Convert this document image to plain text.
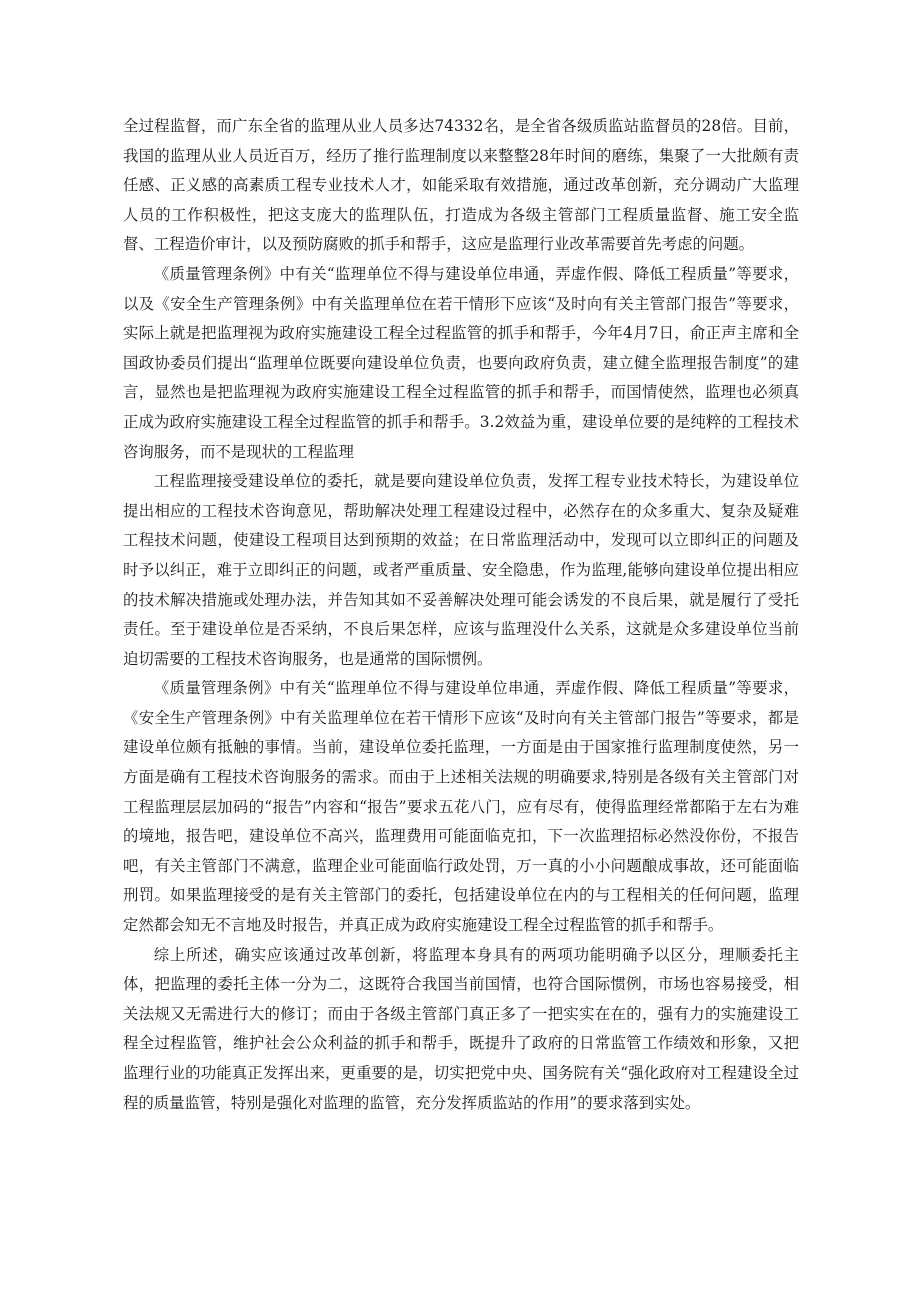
全过程监督，而广东全省的监理从业人员多达74332名，是全省各级质监站监督员的28倍。目前，我国的监理从业人员近百万，经历了推行监理制度以来整整28年时间的磨练，集聚了一大批颇有责任感、正义感的高素质工程专业技术人才，如能采取有效措施，通过改革创新，充分调动广大监理人员的工作积极性，把这支庞大的监理队伍，打造成为各级主管部门工程质量监督、施工安全监督、工程造价审计，以及预防腐败的抓手和帮手，这应是监理行业改革需要首先考虑的问题。

《质量管理条例》中有关“监理单位不得与建设单位串通，弄虚作假、降低工程质量”等要求，以及《安全生产管理条例》中有关监理单位在若干情形下应该“及时向有关主管部门报告”等要求，实际上就是把监理视为政府实施建设工程全过程监管的抓手和帮手，今年4月7日，俞正声主席和全国政协委员们提出“监理单位既要向建设单位负责，也要向政府负责，建立健全监理报告制度”的建言，显然也是把监理视为政府实施建设工程全过程监管的抓手和帮手，而国情使然，监理也必须真正成为政府实施建设工程全过程监管的抓手和帮手。3.2效益为重，建设单位要的是纯粹的工程技术咨询服务，而不是现状的工程监理

工程监理接受建设单位的委托，就是要向建设单位负责，发挥工程专业技术特长，为建设单位提出相应的工程技术咨询意见，帮助解决处理工程建设过程中，必然存在的众多重大、复杂及疑难工程技术问题，使建设工程项目达到预期的效益；在日常监理活动中，发现可以立即纠正的问题及时予以纠正，难于立即纠正的问题，或者严重质量、安全隐患，作为监理,能够向建设单位提出相应的技术解决措施或处理办法，并告知其如不妥善解决处理可能会诱发的不良后果，就是履行了受托责任。至于建设单位是否采纳，不良后果怎样，应该与监理没什么关系，这就是众多建设单位当前迫切需要的工程技术咨询服务，也是通常的国际惯例。

《质量管理条例》中有关“监理单位不得与建设单位串通，弄虚作假、降低工程质量”等要求，《安全生产管理条例》中有关监理单位在若干情形下应该“及时向有关主管部门报告”等要求，都是建设单位颇有抵触的事情。当前，建设单位委托监理，一方面是由于国家推行监理制度使然，另一方面是确有工程技术咨询服务的需求。而由于上述相关法规的明确要求,特别是各级有关主管部门对工程监理层层加码的“报告”内容和“报告”要求五花八门，应有尽有，使得监理经常都陷于左右为难的境地，报告吧，建设单位不高兴，监理费用可能面临克扣，下一次监理招标必然没你份，不报告吧，有关主管部门不满意，监理企业可能面临行政处罚，万一真的小小问题酿成事故，还可能面临刑罚。如果监理接受的是有关主管部门的委托，包括建设单位在内的与工程相关的任何问题，监理定然都会知无不言地及时报告，并真正成为政府实施建设工程全过程监管的抓手和帮手。

综上所述，确实应该通过改革创新，将监理本身具有的两项功能明确予以区分，理顺委托主体，把监理的委托主体一分为二，这既符合我国当前国情，也符合国际惯例，市场也容易接受，相关法规又无需进行大的修订；而由于各级主管部门真正多了一把实实在在的，强有力的实施建设工程全过程监管，维护社会公众利益的抓手和帮手，既提升了政府的日常监管工作绩效和形象，又把监理行业的功能真正发挥出来，更重要的是，切实把党中央、国务院有关“强化政府对工程建设全过程的质量监管，特别是强化对监理的监管，充分发挥质监站的作用”的要求落到实处。
